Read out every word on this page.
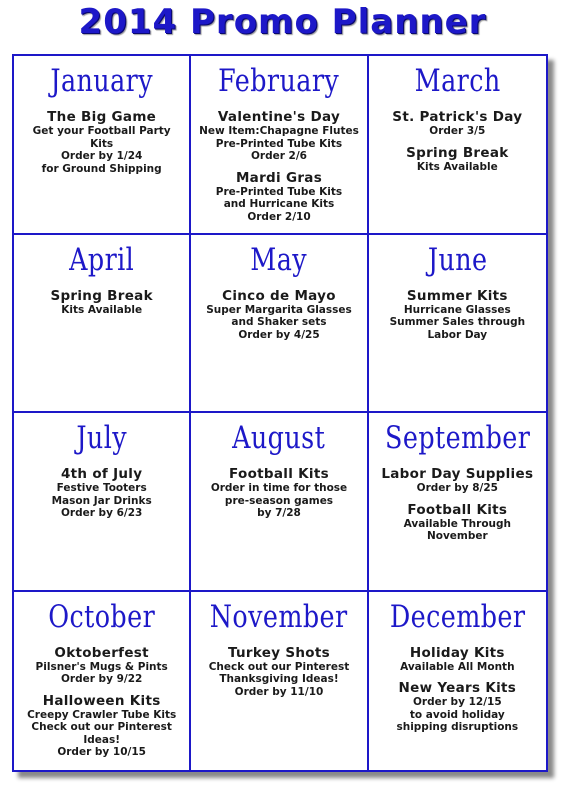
2014 Promo Planner
January
The Big Game
Get your Football Party
Kits
Order by 1/24
for Ground Shipping
February
Valentine's Day
New Item:Chapagne Flutes
Pre-Printed Tube Kits
Order 2/6
Mardi Gras
Pre-Printed Tube Kits
and Hurricane Kits
Order 2/10
March
St. Patrick's Day
Order 3/5
Spring Break
Kits Available
April
Spring Break
Kits Available
May
Cinco de Mayo
Super Margarita Glasses
and Shaker sets
Order by 4/25
June
Summer Kits
Hurricane Glasses
Summer Sales through
Labor Day
July
4th of July
Festive Tooters
Mason Jar Drinks
Order by 6/23
August
Football Kits
Order in time for those
pre-season games
by 7/28
September
Labor Day Supplies
Order by 8/25
Football Kits
Available Through
November
October
Oktoberfest
Pilsner's Mugs & Pints
Order by 9/22
Halloween Kits
Creepy Crawler Tube Kits
Check out our Pinterest
Ideas!
Order by 10/15
November
Turkey Shots
Check out our Pinterest
Thanksgiving Ideas!
Order by 11/10
December
Holiday Kits
Available All Month
New Years Kits
Order by 12/15
to avoid holiday
shipping disruptions
